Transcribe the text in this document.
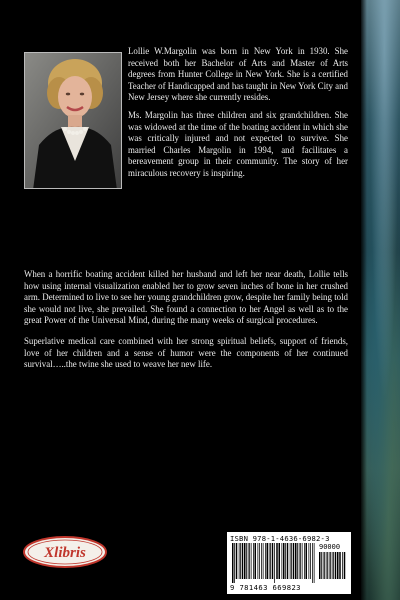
Lollie W.Margolin was born in New York in 1930. She received both her Bachelor of Arts and Master of Arts degrees from Hunter College in New York. She is a certified Teacher of Handicapped and has taught in New York City and New Jersey where she currently resides.

Ms. Margolin has three children and six grandchildren. She was widowed at the time of the boating accident in which she was critically injured and not expected to survive. She married Charles Margolin in 1994, and facilitates a bereavement group in their community. The story of her miraculous recovery is inspiring.

When a horrific boating accident killed her husband and left her near death, Lollie tells how using internal visualization enabled her to grow seven inches of bone in her crushed arm. Determined to live to see her young grandchildren grow, despite her family being told she would not live, she prevailed. She found a connection to her Angel as well as to the great Power of the Universal Mind, during the many weeks of surgical procedures.

Superlative medical care combined with her strong spiritual beliefs, support of friends, love of her children and a sense of humor were the components of her continued survival…..the twine she used to weave her new life.

Xlibris
ISBN 978-1-4636-6982-3
90000
9 781463 669823
